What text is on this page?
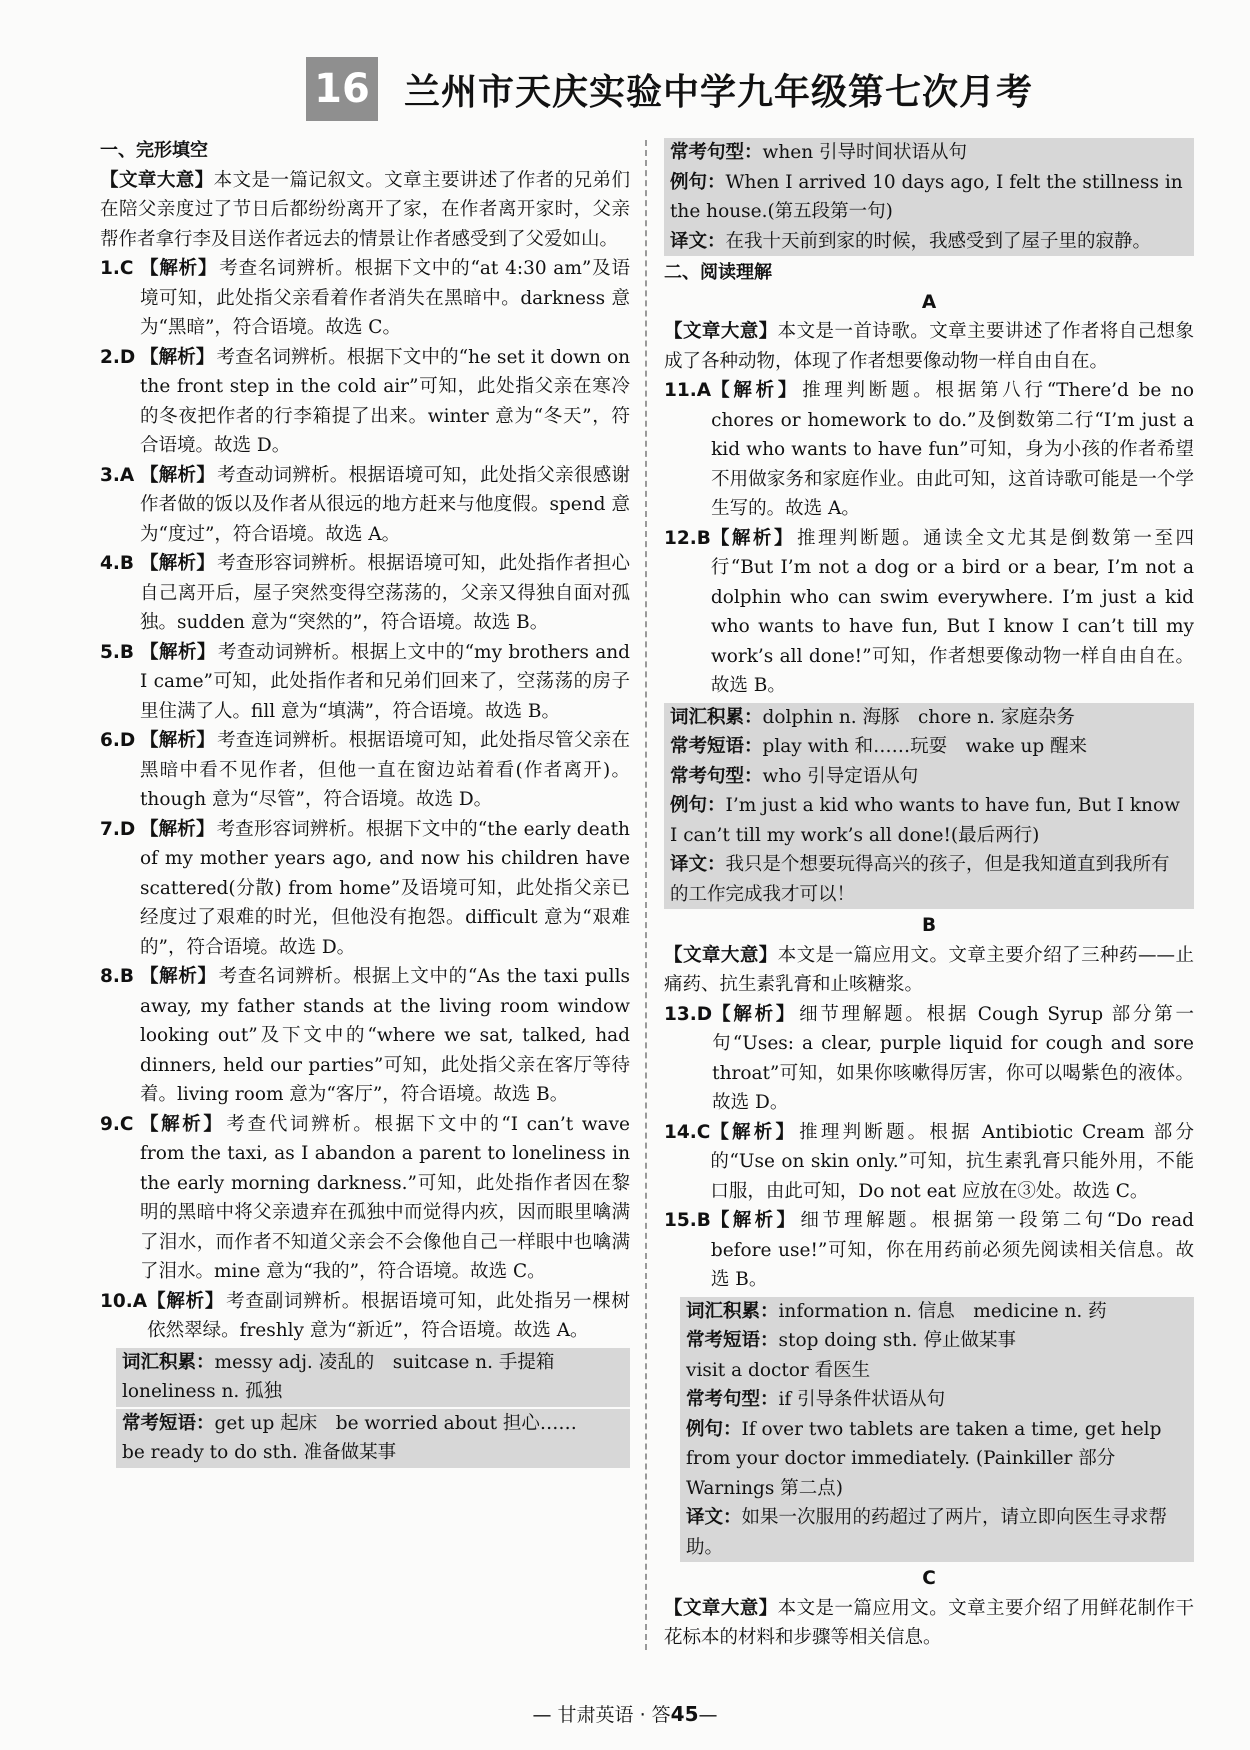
16 兰州市天庆实验中学九年级第七次月考

一、完形填空

【文章大意】本文是一篇记叙文。文章主要讲述了作者的兄弟们在陪父亲度过了节日后都纷纷离开了家，在作者离开家时，父亲帮作者拿行李及目送作者远去的情景让作者感受到了父爱如山。

1.C 【解析】 考查名词辨析。根据下文中的“at 4:30 am”及语境可知，此处指父亲看着作者消失在黑暗中。darkness 意为“黑暗”，符合语境。故选 C。
2.D 【解析】 考查名词辨析。根据下文中的“he set it down on the front step in the cold air”可知，此处指父亲在寒冷的冬夜把作者的行李箱提了出来。winter 意为“冬天”，符合语境。故选 D。
3.A 【解析】 考查动词辨析。根据语境可知，此处指父亲很感谢作者做的饭以及作者从很远的地方赶来与他度假。spend 意为“度过”，符合语境。故选 A。
4.B 【解析】 考查形容词辨析。根据语境可知，此处指作者担心自己离开后，屋子突然变得空荡荡的，父亲又得独自面对孤独。sudden 意为“突然的”，符合语境。故选 B。
5.B 【解析】 考查动词辨析。根据上文中的“my brothers and I came”可知，此处指作者和兄弟们回来了，空荡荡的房子里住满了人。fill 意为“填满”，符合语境。故选 B。
6.D 【解析】 考查连词辨析。根据语境可知，此处指尽管父亲在黑暗中看不见作者，但他一直在窗边站着看(作者离开)。though 意为“尽管”，符合语境。故选 D。
7.D 【解析】 考查形容词辨析。根据下文中的“the early death of my mother years ago, and now his children have scattered(分散) from home”及语境可知，此处指父亲已经度过了艰难的时光，但他没有抱怨。difficult 意为“艰难的”，符合语境。故选 D。
8.B 【解析】 考查名词辨析。根据上文中的“As the taxi pulls away, my father stands at the living room window looking out”及下文中的“where we sat, talked, had dinners, held our parties”可知，此处指父亲在客厅等待着。living room 意为“客厅”，符合语境。故选 B。
9.C 【解析】 考查代词辨析。根据下文中的“I can’t wave from the taxi, as I abandon a parent to loneliness in the early morning darkness.”可知，此处指作者因在黎明的黑暗中将父亲遗弃在孤独中而觉得内疚，因而眼里噙满了泪水，而作者不知道父亲会不会像他自己一样眼中也噙满了泪水。mine 意为“我的”，符合语境。故选 C。
10.A 【解析】 考查副词辨析。根据语境可知，此处指另一棵树依然翠绿。freshly 意为“新近”，符合语境。故选 A。

词汇积累：messy adj. 凌乱的　suitcase n. 手提箱

loneliness n. 孤独

常考短语：get up 起床　be worried about 担心……

be ready to do sth. 准备做某事

常考句型：when 引导时间状语从句

例句：When I arrived 10 days ago, I felt the stillness in the house.(第五段第一句)

译文：在我十天前到家的时候，我感受到了屋子里的寂静。

二、阅读理解

A

【文章大意】本文是一首诗歌。文章主要讲述了作者将自己想象成了各种动物，体现了作者想要像动物一样自由自在。

11.A 【解析】 推理判断题。根据第八行“There’d be no chores or homework to do.”及倒数第二行“I’m just a kid who wants to have fun”可知，身为小孩的作者希望不用做家务和家庭作业。由此可知，这首诗歌可能是一个学生写的。故选 A。
12.B 【解析】 推理判断题。通读全文尤其是倒数第一至四行“But I’m not a dog or a bird or a bear, I’m not a dolphin who can swim everywhere. I’m just a kid who wants to have fun, But I know I can’t till my work’s all done!”可知，作者想要像动物一样自由自在。故选 B。

词汇积累：dolphin n. 海豚　chore n. 家庭杂务

常考短语：play with 和……玩耍　wake up 醒来

常考句型：who 引导定语从句

例句：I’m just a kid who wants to have fun, But I know I can’t till my work’s all done!(最后两行)

译文：我只是个想要玩得高兴的孩子，但是我知道直到我所有的工作完成我才可以！

B

【文章大意】本文是一篇应用文。文章主要介绍了三种药——止痛药、抗生素乳膏和止咳糖浆。

13.D 【解析】 细节理解题。根据 Cough Syrup 部分第一句“Uses: a clear, purple liquid for cough and sore throat”可知，如果你咳嗽得厉害，你可以喝紫色的液体。故选 D。
14.C 【解析】 推理判断题。根据 Antibiotic Cream 部分的“Use on skin only.”可知，抗生素乳膏只能外用，不能口服，由此可知，Do not eat 应放在③处。故选 C。
15.B 【解析】 细节理解题。根据第一段第二句“Do read before use!”可知，你在用药前必须先阅读相关信息。故选 B。

词汇积累：information n. 信息　medicine n. 药

常考短语：stop doing sth. 停止做某事

visit a doctor 看医生

常考句型：if 引导条件状语从句

例句：If over two tablets are taken a time, get help from your doctor immediately. (Painkiller 部分 Warnings 第二点)

译文：如果一次服用的药超过了两片，请立即向医生寻求帮助。

C

【文章大意】本文是一篇应用文。文章主要介绍了用鲜花制作干花标本的材料和步骤等相关信息。

— 甘肃英语 · 答45—
